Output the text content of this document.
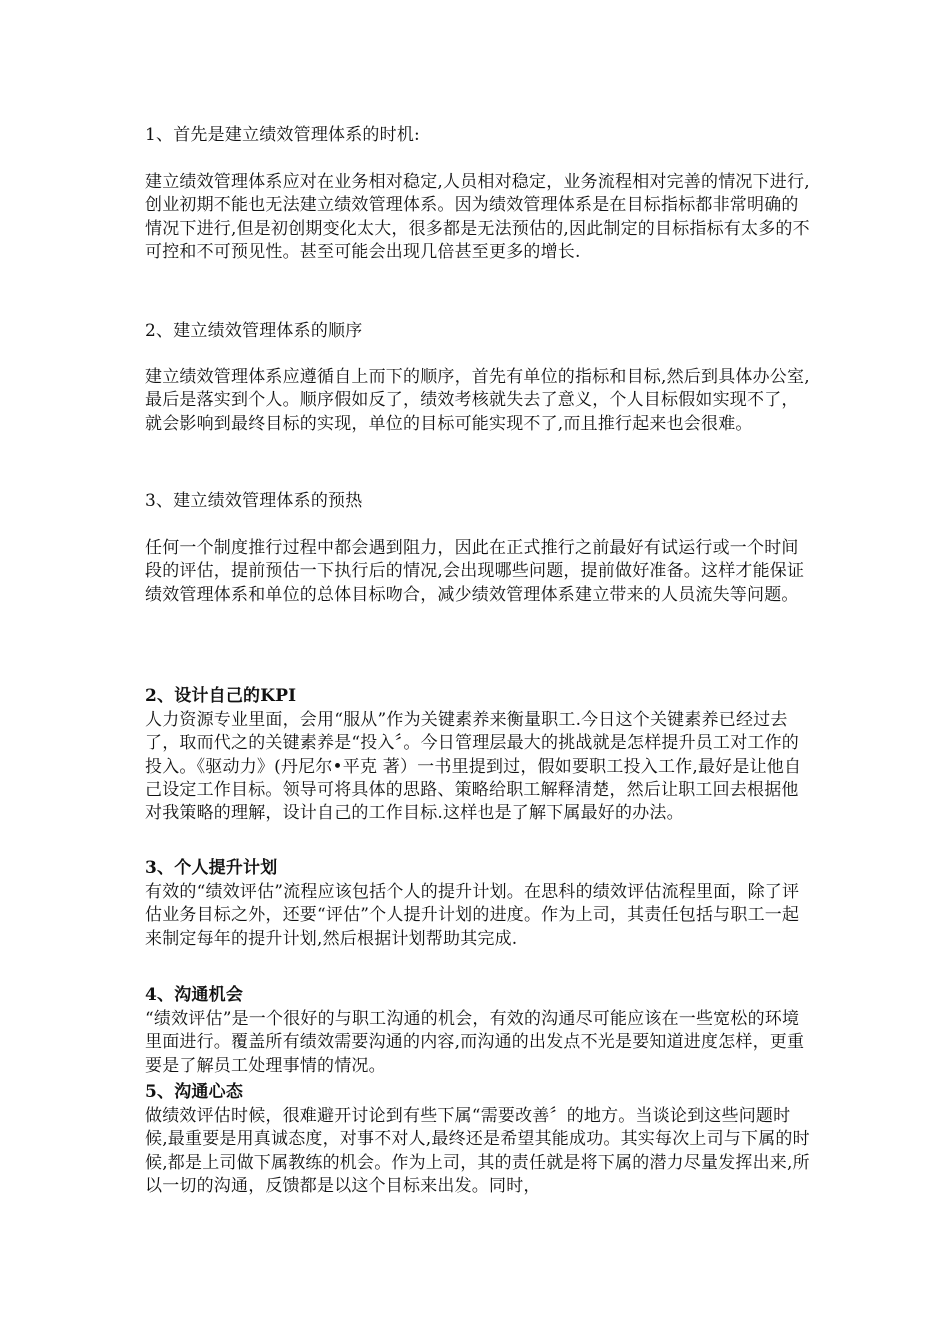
1、首先是建立绩效管理体系的时机:

建立绩效管理体系应对在业务相对稳定,人员相对稳定，业务流程相对完善的情况下进行,创业初期不能也无法建立绩效管理体系。因为绩效管理体系是在目标指标都非常明确的情况下进行,但是初创期变化太大，很多都是无法预估的,因此制定的目标指标有太多的不可控和不可预见性。甚至可能会出现几倍甚至更多的增长.

2、建立绩效管理体系的顺序

建立绩效管理体系应遵循自上而下的顺序，首先有单位的指标和目标,然后到具体办公室,最后是落实到个人。顺序假如反了，绩效考核就失去了意义，个人目标假如实现不了，就会影响到最终目标的实现，单位的目标可能实现不了,而且推行起来也会很难。

3、建立绩效管理体系的预热

任何一个制度推行过程中都会遇到阻力，因此在正式推行之前最好有试运行或一个时间段的评估，提前预估一下执行后的情况,会出现哪些问题，提前做好准备。这样才能保证绩效管理体系和单位的总体目标吻合，减少绩效管理体系建立带来的人员流失等问题。

2、设计自己的KPI

人力资源专业里面，会用“服从”作为关键素养来衡量职工.今日这个关键素养已经过去了，取而代之的关键素养是“投入〞。今日管理层最大的挑战就是怎样提升员工对工作的投入。《驱动力》(丹尼尔•平克 著）一书里提到过，假如要职工投入工作,最好是让他自己设定工作目标。领导可将具体的思路、策略给职工解释清楚，然后让职工回去根据他对我策略的理解，设计自己的工作目标.这样也是了解下属最好的办法。

3、个人提升计划

有效的“绩效评估”流程应该包括个人的提升计划。在思科的绩效评估流程里面，除了评估业务目标之外，还要“评估”个人提升计划的进度。作为上司，其责任包括与职工一起来制定每年的提升计划,然后根据计划帮助其完成.

4、沟通机会

“绩效评估”是一个很好的与职工沟通的机会，有效的沟通尽可能应该在一些宽松的环境里面进行。覆盖所有绩效需要沟通的内容,而沟通的出发点不光是要知道进度怎样，更重要是了解员工处理事情的情况。

5、沟通心态

做绩效评估时候，很难避开讨论到有些下属“需要改善〞的地方。当谈论到这些问题时候,最重要是用真诚态度，对事不对人,最终还是希望其能成功。其实每次上司与下属的时候,都是上司做下属教练的机会。作为上司，其的责任就是将下属的潜力尽量发挥出来,所以一切的沟通，反馈都是以这个目标来出发。同时，
